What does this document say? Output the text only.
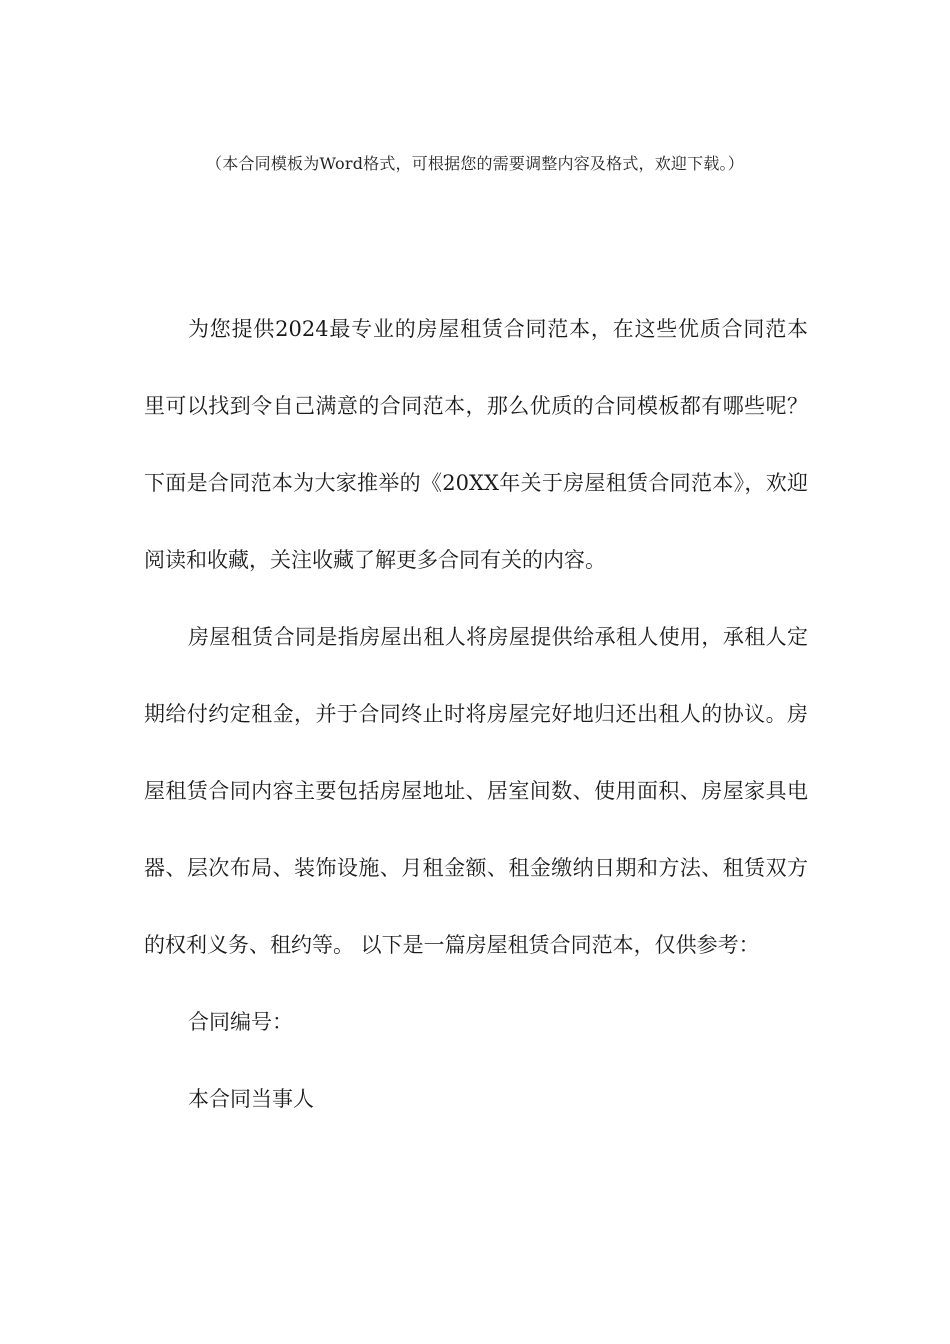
（本合同模板为Word格式，可根据您的需要调整内容及格式，欢迎下载。）

为您提供2024最专业的房屋租赁合同范本，在这些优质合同范本里可以找到令自己满意的合同范本，那么优质的合同模板都有哪些呢？下面是合同范本为大家推举的《20XX年关于房屋租赁合同范本》，欢迎阅读和收藏，关注收藏了解更多合同有关的内容。

房屋租赁合同是指房屋出租人将房屋提供给承租人使用，承租人定期给付约定租金，并于合同终止时将房屋完好地归还出租人的协议。房屋租赁合同内容主要包括房屋地址、居室间数、使用面积、房屋家具电器、层次布局、装饰设施、月租金额、租金缴纳日期和方法、租赁双方的权利义务、租约等。 以下是一篇房屋租赁合同范本，仅供参考：

合同编号：

本合同当事人
